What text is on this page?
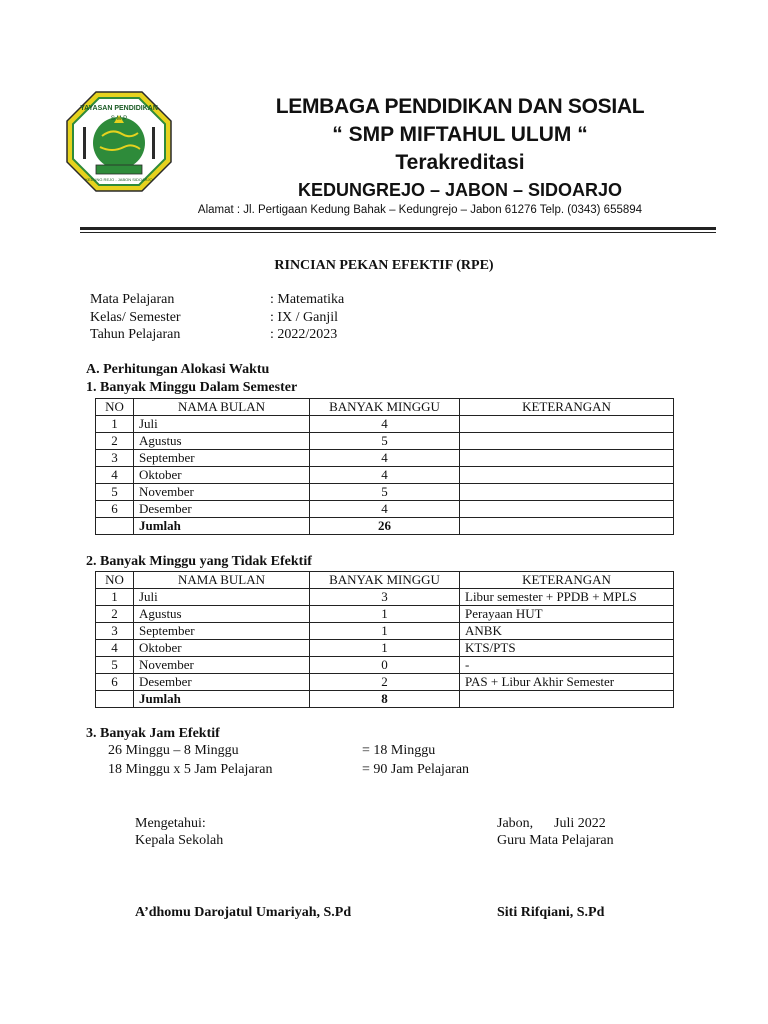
YAYASAN PENDIDIKAN
S M P
KEDUNG REJO - JABON SIDOARJO
LEMBAGA PENDIDIKAN DAN SOSIAL
“ SMP MIFTAHUL ULUM “
Terakreditasi
KEDUNGREJO – JABON – SIDOARJO
Alamat : Jl. Pertigaan Kedung Bahak – Kedungrejo – Jabon 61276 Telp. (0343) 655894
RINCIAN PEKAN EFEKTIF (RPE)
Mata Pelajaran	: Matematika
Kelas/ Semester	: IX / Ganjil
Tahun Pelajaran	: 2022/2023
A. Perhitungan Alokasi Waktu
1. Banyak Minggu Dalam Semester
NO	NAMA BULAN	BANYAK MINGGU	KETERANGAN
1	Juli	4	
2	Agustus	5	
3	September	4	
4	Oktober	4	
5	November	5	
6	Desember	4	
	Jumlah	26	
2. Banyak Minggu yang Tidak Efektif
NO	NAMA BULAN	BANYAK MINGGU	KETERANGAN
1	Juli	3	Libur semester + PPDB + MPLS
2	Agustus	1	Perayaan HUT
3	September	1	ANBK
4	Oktober	1	KTS/PTS
5	November	0	-
6	Desember	2	PAS + Libur Akhir Semester
	Jumlah	8	
3. Banyak Jam Efektif
26 Minggu – 8 Minggu	= 18 Minggu
18 Minggu x 5 Jam Pelajaran	= 90 Jam Pelajaran
Mengetahui:
Kepala Sekolah
A’dhomu Darojatul Umariyah, S.Pd
Jabon, Juli 2022
Guru Mata Pelajaran
Siti Rifqiani, S.Pd
